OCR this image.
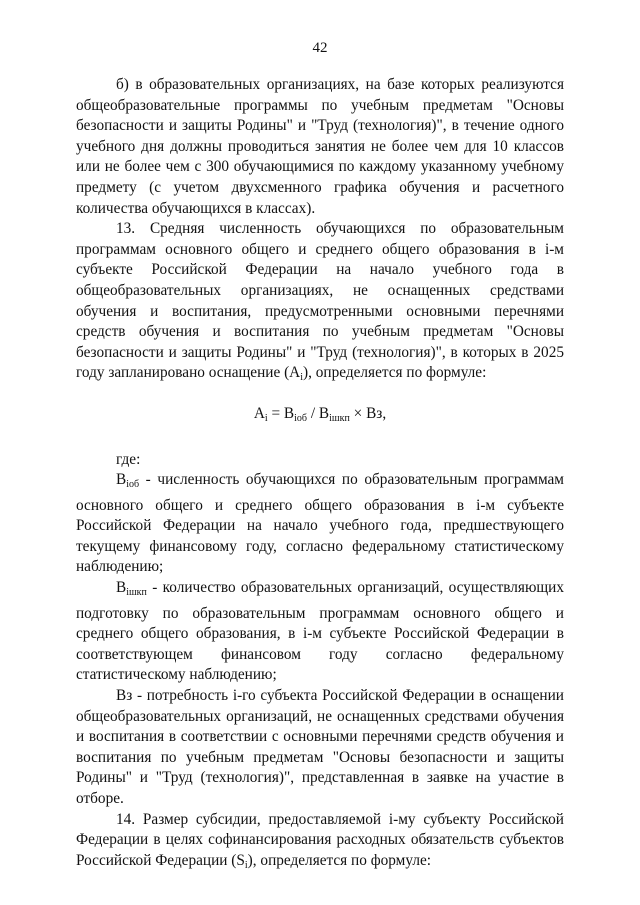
42

б) в образовательных организациях, на базе которых реализуются общеобразовательные программы по учебным предметам "Основы безопасности и защиты Родины" и "Труд (технология)", в течение одного учебного дня должны проводиться занятия не более чем для 10 классов или не более чем с 300 обучающимися по каждому указанному учебному предмету (с учетом двухсменного графика обучения и расчетного количества обучающихся в классах).

13. Средняя численность обучающихся по образовательным программам основного общего и среднего общего образования в i-м субъекте Российской Федерации на начало учебного года в общеобразовательных организациях, не оснащенных средствами обучения и воспитания, предусмотренными основными перечнями средств обучения и воспитания по учебным предметам "Основы безопасности и защиты Родины" и "Труд (технология)", в которых в 2025 году запланировано оснащение $(A_i)$, определяется по формуле:

$A_i = B_{iоб} / B_{iшкп}$ × Вз,

где:

$B_{iоб}$ - численность обучающихся по образовательным программам основного общего и среднего общего образования в i-м субъекте Российской Федерации на начало учебного года, предшествующего текущему финансовому году, согласно федеральному статистическому наблюдению;

$B_{iшкп}$ - количество образовательных организаций, осуществляющих подготовку по образовательным программам основного общего и среднего общего образования, в i-м субъекте Российской Федерации в соответствующем финансовом году согласно федеральному статистическому наблюдению;

Вз - потребность i-го субъекта Российской Федерации в оснащении общеобразовательных организаций, не оснащенных средствами обучения и воспитания в соответствии с основными перечнями средств обучения и воспитания по учебным предметам "Основы безопасности и защиты Родины" и "Труд (технология)", представленная в заявке на участие в отборе.

14. Размер субсидии, предоставляемой i-му субъекту Российской Федерации в целях софинансирования расходных обязательств субъектов Российской Федерации $(S_i)$, определяется по формуле:
